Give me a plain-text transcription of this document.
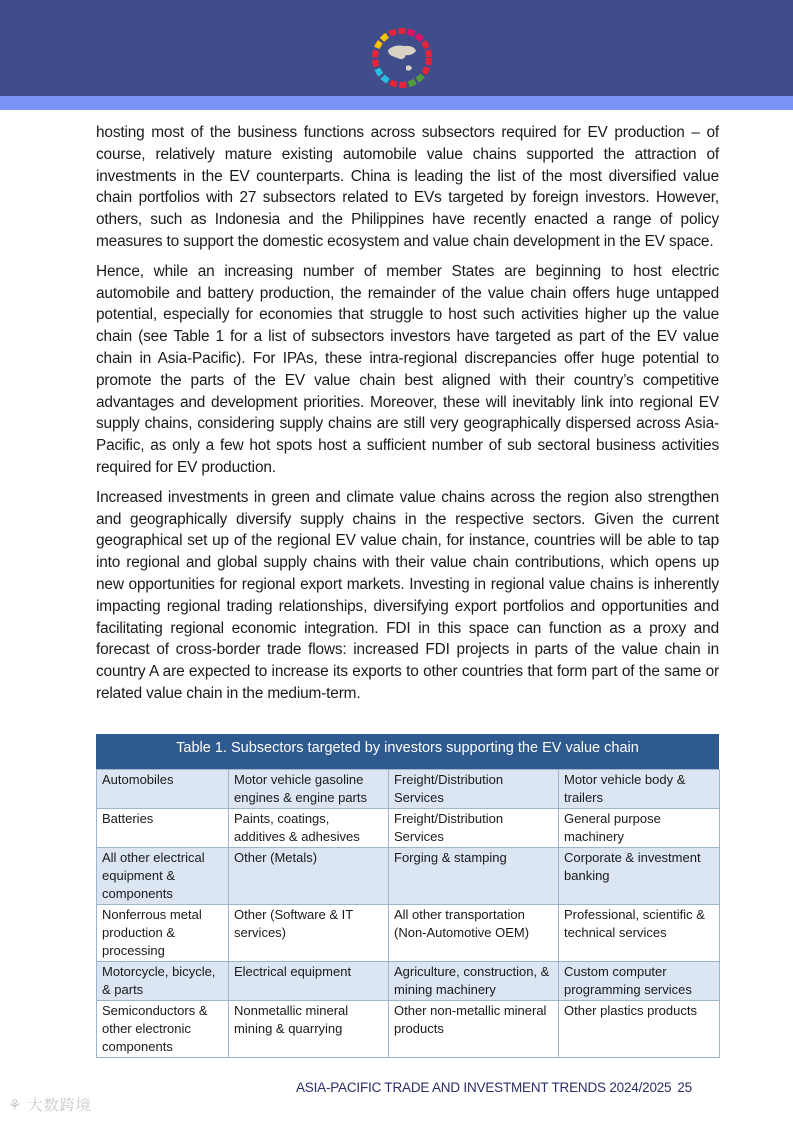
hosting most of the business functions across subsectors required for EV production – of course, relatively mature existing automobile value chains supported the attraction of investments in the EV counterparts. China is leading the list of the most diversified value chain portfolios with 27 subsectors related to EVs targeted by foreign investors. However, others, such as Indonesia and the Philippines have recently enacted a range of policy measures to support the domestic ecosystem and value chain development in the EV space.

Hence, while an increasing number of member States are beginning to host electric automobile and battery production, the remainder of the value chain offers huge untapped potential, especially for economies that struggle to host such activities higher up the value chain (see Table 1 for a list of subsectors investors have targeted as part of the EV value chain in Asia-Pacific). For IPAs, these intra-regional discrepancies offer huge potential to promote the parts of the EV value chain best aligned with their country’s competitive advantages and development priorities. Moreover, these will inevitably link into regional EV supply chains, considering supply chains are still very geographically dispersed across Asia-Pacific, as only a few hot spots host a sufficient number of sub sectoral business activities required for EV production.

Increased investments in green and climate value chains across the region also strengthen and geographically diversify supply chains in the respective sectors. Given the current geographical set up of the regional EV value chain, for instance, countries will be able to tap into regional and global supply chains with their value chain contributions, which opens up new opportunities for regional export markets. Investing in regional value chains is inherently impacting regional trading relationships, diversifying export portfolios and opportunities and facilitating regional economic integration. FDI in this space can function as a proxy and forecast of cross-border trade flows: increased FDI projects in parts of the value chain in country A are expected to increase its exports to other countries that form part of the same or related value chain in the medium-term.

Table 1. Subsectors targeted by investors supporting the EV value chain
Automobiles	Motor vehicle gasoline engines & engine parts	Freight/Distribution Services	Motor vehicle body & trailers
Batteries	Paints, coatings, additives & adhesives	Freight/Distribution Services	General purpose machinery
All other electrical equipment & components	Other (Metals)	Forging & stamping	Corporate & investment banking
Nonferrous metal production & processing	Other (Software & IT services)	All other transportation (Non-Automotive OEM)	Professional, scientific & technical services
Motorcycle, bicycle, & parts	Electrical equipment	Agriculture, construction, & mining machinery	Custom computer programming services
Semiconductors & other electronic components	Nonmetallic mineral mining & quarrying	Other non-metallic mineral products	Other plastics products
ASIA-PACIFIC TRADE AND INVESTMENT TRENDS 2024/2025 25
⚘ 大数跨境
